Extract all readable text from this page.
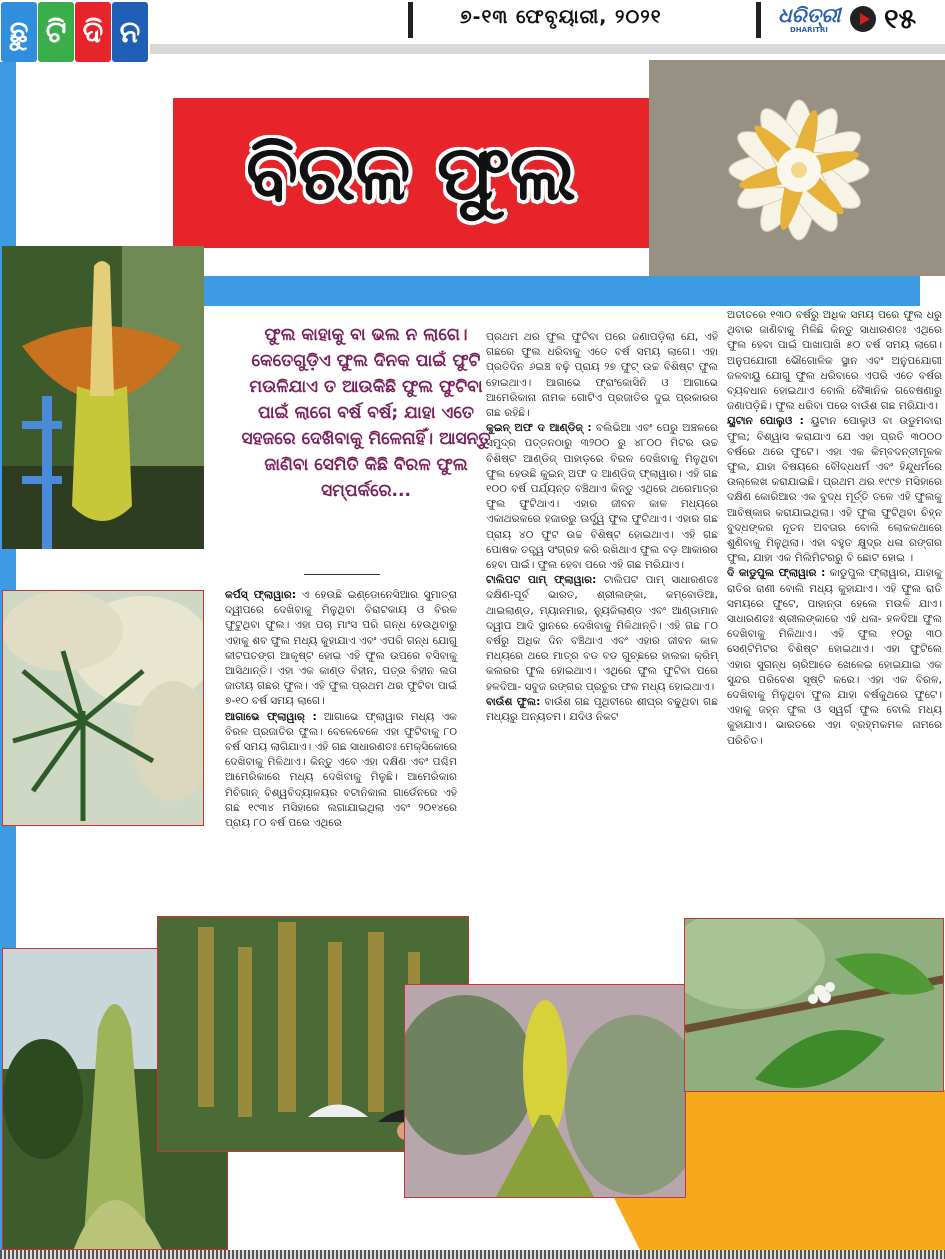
ଛୁ ଟି ଦି ନ	୭-୧୩ ଫେବୃୟାରୀ, ୨୦୨୧	ଧରିତ୍ରୀ
DHARITRI ୧୫
ବିରଳ ଫୁଲ
ଫୁଲ କାହାକୁ ବା ଭଲ ନ ଲାଗେ। କେତେଗୁଡ଼ିଏ ଫୁଲ ଦିନକ ପାଇଁ ଫୁଟି ମଉଳିଯାଏ ତ ଆଉକିଛି ଫୁଲ ଫୁଟିବା ପାଇଁ ଲାଗେ ବର୍ଷ ବର୍ଷ; ଯାହା ଏତେ ସହଜରେ ଦେଖିବାକୁ ମିଳେନାହିଁ। ଆସନ୍ତୁ ଜାଣିବା ସେମିତି କିଛି ବିରଳ ଫୁଲ ସମ୍ପର୍କରେ...

କର୍ପସ୍ ଫ୍ଲାୱାର: ଏ ହେଉଛି ଇଣ୍ଡୋନେସିଆର ସୁମାତ୍ରା ଦ୍ୱୀପରେ ଦେଖିବାକୁ ମିଳୁଥିବା ବିରାଟକାୟ ଓ ବିରଳ ଫୁଟୁଥିବା ଫୁଲ। ଏହା ପଚା ମାଂସ ପରି ଗନ୍ଧ ହେଉଥିବାରୁ ଏହାକୁ ଶବ ଫୁଲ ମଧ୍ୟ କୁହାଯାଏ ଏବଂ ଏପରି ଗନ୍ଧ ଯୋଗୁ କୀଟପତଙ୍ଗ ଆକୃଷ୍ଟ ହୋଇ ଏହି ଫୁଲ ଉପରେ ବସିବାକୁ ଆସିଥାନ୍ତି। ଏହା ଏକ କାଣ୍ଡ ବିହୀନ, ପତ୍ର ବିହୀନ ଲତା ଜାତୀୟ ଗଛର ଫୁଲ। ଏହି ଫୁଲ ପ୍ରଥମ ଥର ଫୁଟିବା ପାଇଁ ୭-୧୦ ବର୍ଷ ସମୟ ଲାଗେ।

ଆଗାଭେ ଫ୍ଲାୱାର୍ : ଆଗାଭେ ଫ୍ଲାୱାର ମଧ୍ୟ ଏକ ବିରଳ ପ୍ରଜାତିର ଫୁଲ। ବେଳେବେଳେ ଏହା ଫୁଟିବାକୁ ୮୦ ବର୍ଷ ସମୟ ଲାଗିଯାଏ। ଏହି ଗଛ ସାଧାରଣତଃ ମେକ୍ସିକୋରେ ଦେଖିବାକୁ ମିଳିଥାଏ। କିନ୍ତୁ ଏବେ ଏହା ଦକ୍ଷିଣ ଏବଂ ପଶ୍ଚିମ ଆମେରିକାରେ ମଧ୍ୟ ଦେଖିବାକୁ ମିଳୁଛି। ଆମେରିକାର ମିଚିଗାନ୍ ବିଶ୍ୱବିଦ୍ୟାଳୟର ବଟାନିକାଲ ଗାର୍ଡେନରେ ଏହି ଗଛ ୧୯୩୪ ମସିହାରେ ଲଗାଯାଇଥିଲା ଏବଂ ୨୦୧୪ରେ ପ୍ରାୟ ୮୦ ବର୍ଷ ପରେ ଏଥିରେ

ପ୍ରଥମ ଥର ଫୁଲ ଫୁଟିବା ପରେ ଜଣାପଡ଼ିଲା ଯେ, ଏହି ଗଛରେ ଫୁଲ ଧରିବାକୁ ଏତେ ବର୍ଷ ସମୟ ଲାଗେ। ଏହା ପ୍ରତିଦିନ ୬ଇଞ୍ଚ ବଢ଼ି ପ୍ରାୟ ୨୭ ଫୁଟ୍ ଉଚ୍ଚ ବିଶିଷ୍ଟ ଫୁଲ ହୋଇଥାଏ। ଆଗାଭେ ଫ୍ରାଂକୋସିନି ଓ ଆଗାଭେ ଆମେରିକାନା ନାମକ ଗୋଟିଏ ପ୍ରଜାତିର ଦୁଇ ପ୍ରକାରର ଗଛ ରହିଛି।

କୁଇନ୍ ଅଫ ଦ ଆଣ୍ଡିଜ୍ : ବଲିଭିଆ ଏବଂ ପେରୁ ଅଞ୍ଚଳରେ ସମୁଦ୍ର ପତ୍ତନଠାରୁ ୩୨୦୦ ରୁ ୪୮୦୦ ମିଟର ଉଚ୍ଚ ବିଶିଷ୍ଟ ଆଣ୍ଡିଜ୍ ପାହାଡ଼ରେ ବିରଳ ଦେଖିବାକୁ ମିଳୁଥିବା ଫୁଲ ହେଉଛି କୁଇନ୍ ଅଫ ଦ ଆଣ୍ଡିଜ୍ ଫ୍ଲାୱାର। ଏହି ଗଛ ୧୦୦ ବର୍ଷ ପର୍ଯ୍ୟନ୍ତ ବଞ୍ଚିଥାଏ କିନ୍ତୁ ଏଥିରେ ଥରେମାତ୍ର ଫୁଲ ଫୁଟିଥାଏ। ଏହାର ଜୀବନ କାଳ ମଧ୍ୟରେ ଏକାଥରକରେ ହଜାରରୁ ଊର୍ଦ୍ଧ୍ୱ ଫୁଲ ଫୁଟିଥାଏ। ଏହାର ଗଛ ପ୍ରାୟ ୪୦ ଫୁଟ ଉଚ୍ଚ ବିଶିଷ୍ଟ ହୋଇଥାଏ। ଏହି ଗଛ ପୋଷକ ତତ୍ତ୍ୱ ସଂଗ୍ରହ କରି ରଖିଥାଏ ଫୁଲ ବଡ଼ ଆକାରର ହେବା ପାଇଁ। ଫୁଲ ହେବା ପରେ ଏହି ଗଛ ମରିଯାଏ।

ଟାଲିପଟ ପାମ୍ ଫ୍ଲାୱାର: ଟାଲିପଟ ପାମ୍ ସାଧାରଣତଃ ଦକ୍ଷିଣ-ପୂର୍ବ ଭାରତ, ଶ୍ରୀଲଙ୍କା, କମ୍ବୋଡିଆ, ଥାଇଲାଣ୍ଡ, ମ୍ୟାନମାର, ନ୍ୟୁଜିଲାଣ୍ଡ ଏବଂ ଆଣ୍ଡାମାନ ଦ୍ୱୀପ ଆଦି ସ୍ଥାନରେ ଦେଖିବାକୁ ମିଳିଥାନ୍ତି। ଏହି ଗଛ ୮୦ ବର୍ଷରୁ ଅଧିକ ଦିନ ବଞ୍ଚିଥାଏ ଏବଂ ଏହାର ଜୀବନ କାଳ ମଧ୍ୟରେ ଥରେ ମାତ୍ର ବଡ ବଡ ଗୁଚ୍ଛରେ ହାଲକା କ୍ରିମ୍ କଲରର ଫୁଲ ହୋଇଥାଏ। ଏଥିରେ ଫୁଲ ଫୁଟିବା ପରେ ହଳଦିଆ- ସବୁଜ ରଙ୍ଗର ପ୍ରଚୁର ଫଳ ମଧ୍ୟ ହୋଇଥାଏ।

ବାଉଁଶ ଫୁଲ: ବାଉଁଶ ଗଛ ପୃଥିବୀରେ ଶୀଘ୍ର ବଢୁଥିବା ଗଛ ମଧ୍ୟରୁ ଅନ୍ୟତମ। ଯଦିଓ ନିକଟ

ଅତୀତରେ ୧୩୦ ବର୍ଷରୁ ଅଧିକ ସମୟ ପରେ ଫୁଲ ଧରୁ ଥିବାର ଜାଣିବାକୁ ମିଳିଛି କିନ୍ତୁ ସାଧାରଣତଃ ଏଥିରେ ଫୁଲ ହେବା ପାଇଁ ପାଖାପାଖି ୫୦ ବର୍ଷ ସମୟ ଲାଗେ। ଅନୁପଯୋଗୀ ଭୌଗୋଳିକ ସ୍ଥାନ ଏବଂ ଅନୁପଯୋଗୀ ଜଳବାୟୁ ଯୋଗୁ ଫୁଲ ଧରିବାରେ ଏପରି ଏତେ ବର୍ଷର ବ୍ୟବଧାନ ହୋଇଥାଏ ବୋଲି ବୈଜ୍ଞାନିକ ଗବେଷଣାରୁ ଜଣାପଡ଼ିଛି। ଫୁଲ ଧରିବା ପରେ ବାଉଁଶ ଗଛ ମରିଯାଏ।

ୟୁଟାନ ପୋଲୁଓ : ୟୁଟାନ ପୋଲୁଓ ବା ଉଡୁମବାରା ଫୁଲ; ବିଶ୍ୱାସ କରାଯାଏ ଯେ ଏହା ପ୍ରତି ୩୦୦୦ ବର୍ଷରେ ଥରେ ଫୁଟେ। ଏହା ଏକ କିମ୍ବଦନ୍ତୀମୂଳକ ଫୁଲ, ଯାହା ବିଷୟରେ ବୌଦ୍ଧଧର୍ମ ଏବଂ ହିନ୍ଦୁଧର୍ମରେ ଉଲ୍ଲେଖ କରାଯାଇଛି। ପ୍ରଥମ ଥର ୧୯୯୭ ମସିହାରେ ଦକ୍ଷିଣ କୋରିଆର ଏକ ବୁଦ୍ଧ ମୂର୍ତ୍ତି ତଳେ ଏହି ଫୁଲକୁ ଆବିଷ୍କାର କରାଯାଇଥିଲା। ଏହି ଫୁଲ ଫୁଟିଥିବା ଚିହ୍ନ ବୁଦ୍ଧଙ୍କର ନୂତନ ଅବତାର ବୋଲି ଲୋକକଥାରେ ଶୁଣିବାକୁ ମିଳୁଥିଲା। ଏହା ବହୁତ କ୍ଷୁଦ୍ର ଧଳା ରଙ୍ଗର ଫୁଲ, ଯାହା ଏକ ମିଲିମିଟରରୁ ବି ଛୋଟ ହୋଇ ।

ଦି କାଡୁପୁଲ ଫ୍ଲାୱାର : କାଡୁପୁଲ ଫ୍ଲାୱାର, ଯାହାକୁ ରାତିର ରାଣୀ ବୋଲି ମଧ୍ୟ କୁହାଯାଏ। ଏହି ଫୁଲ ରାତି ସମୟରେ ଫୁଟେ, ପାହାନ୍ତା ହେଲେ ମଉଳି ଯାଏ। ସାଧାରଣତଃ ଶ୍ରୀଲଙ୍କାରେ ଏହି ଧଳା- ହଳଦିଆ ଫୁଲ ଦେଖିବାକୁ ମିଳିଥାଏ। ଏହି ଫୁଲ ୧୦ରୁ ୩୦ ସେଣ୍ଟିମିଟର ବିଶିଷ୍ଟ ହୋଇଥାଏ। ଏହା ଫୁଟିଲେ ଏହାର ସୁଗନ୍ଧ ଚାରିଆଡେ ଖେଳେଇ ହୋଇଯାଇ ଏକ ସୁନ୍ଦର ପରିବେଶ ସୃଷ୍ଟି କରେ। ଏହା ଏକ ବିରଳ, ଦେଖିବାକୁ ମିଳୁଥିବା ଫୁଲ ଯାହା ବର୍ଷକୁଥରେ ଫୁଟେ। ଏହାକୁ ଜହ୍ନ ଫୁଲ ଓ ସ୍ୱର୍ଗ ଫୁଲ ବୋଲି ମଧ୍ୟ କୁହାଯାଏ। ଭାରତରେ ଏହା ବ୍ରହ୍ମକମଳ ନାମରେ ପରିଚିତ।
